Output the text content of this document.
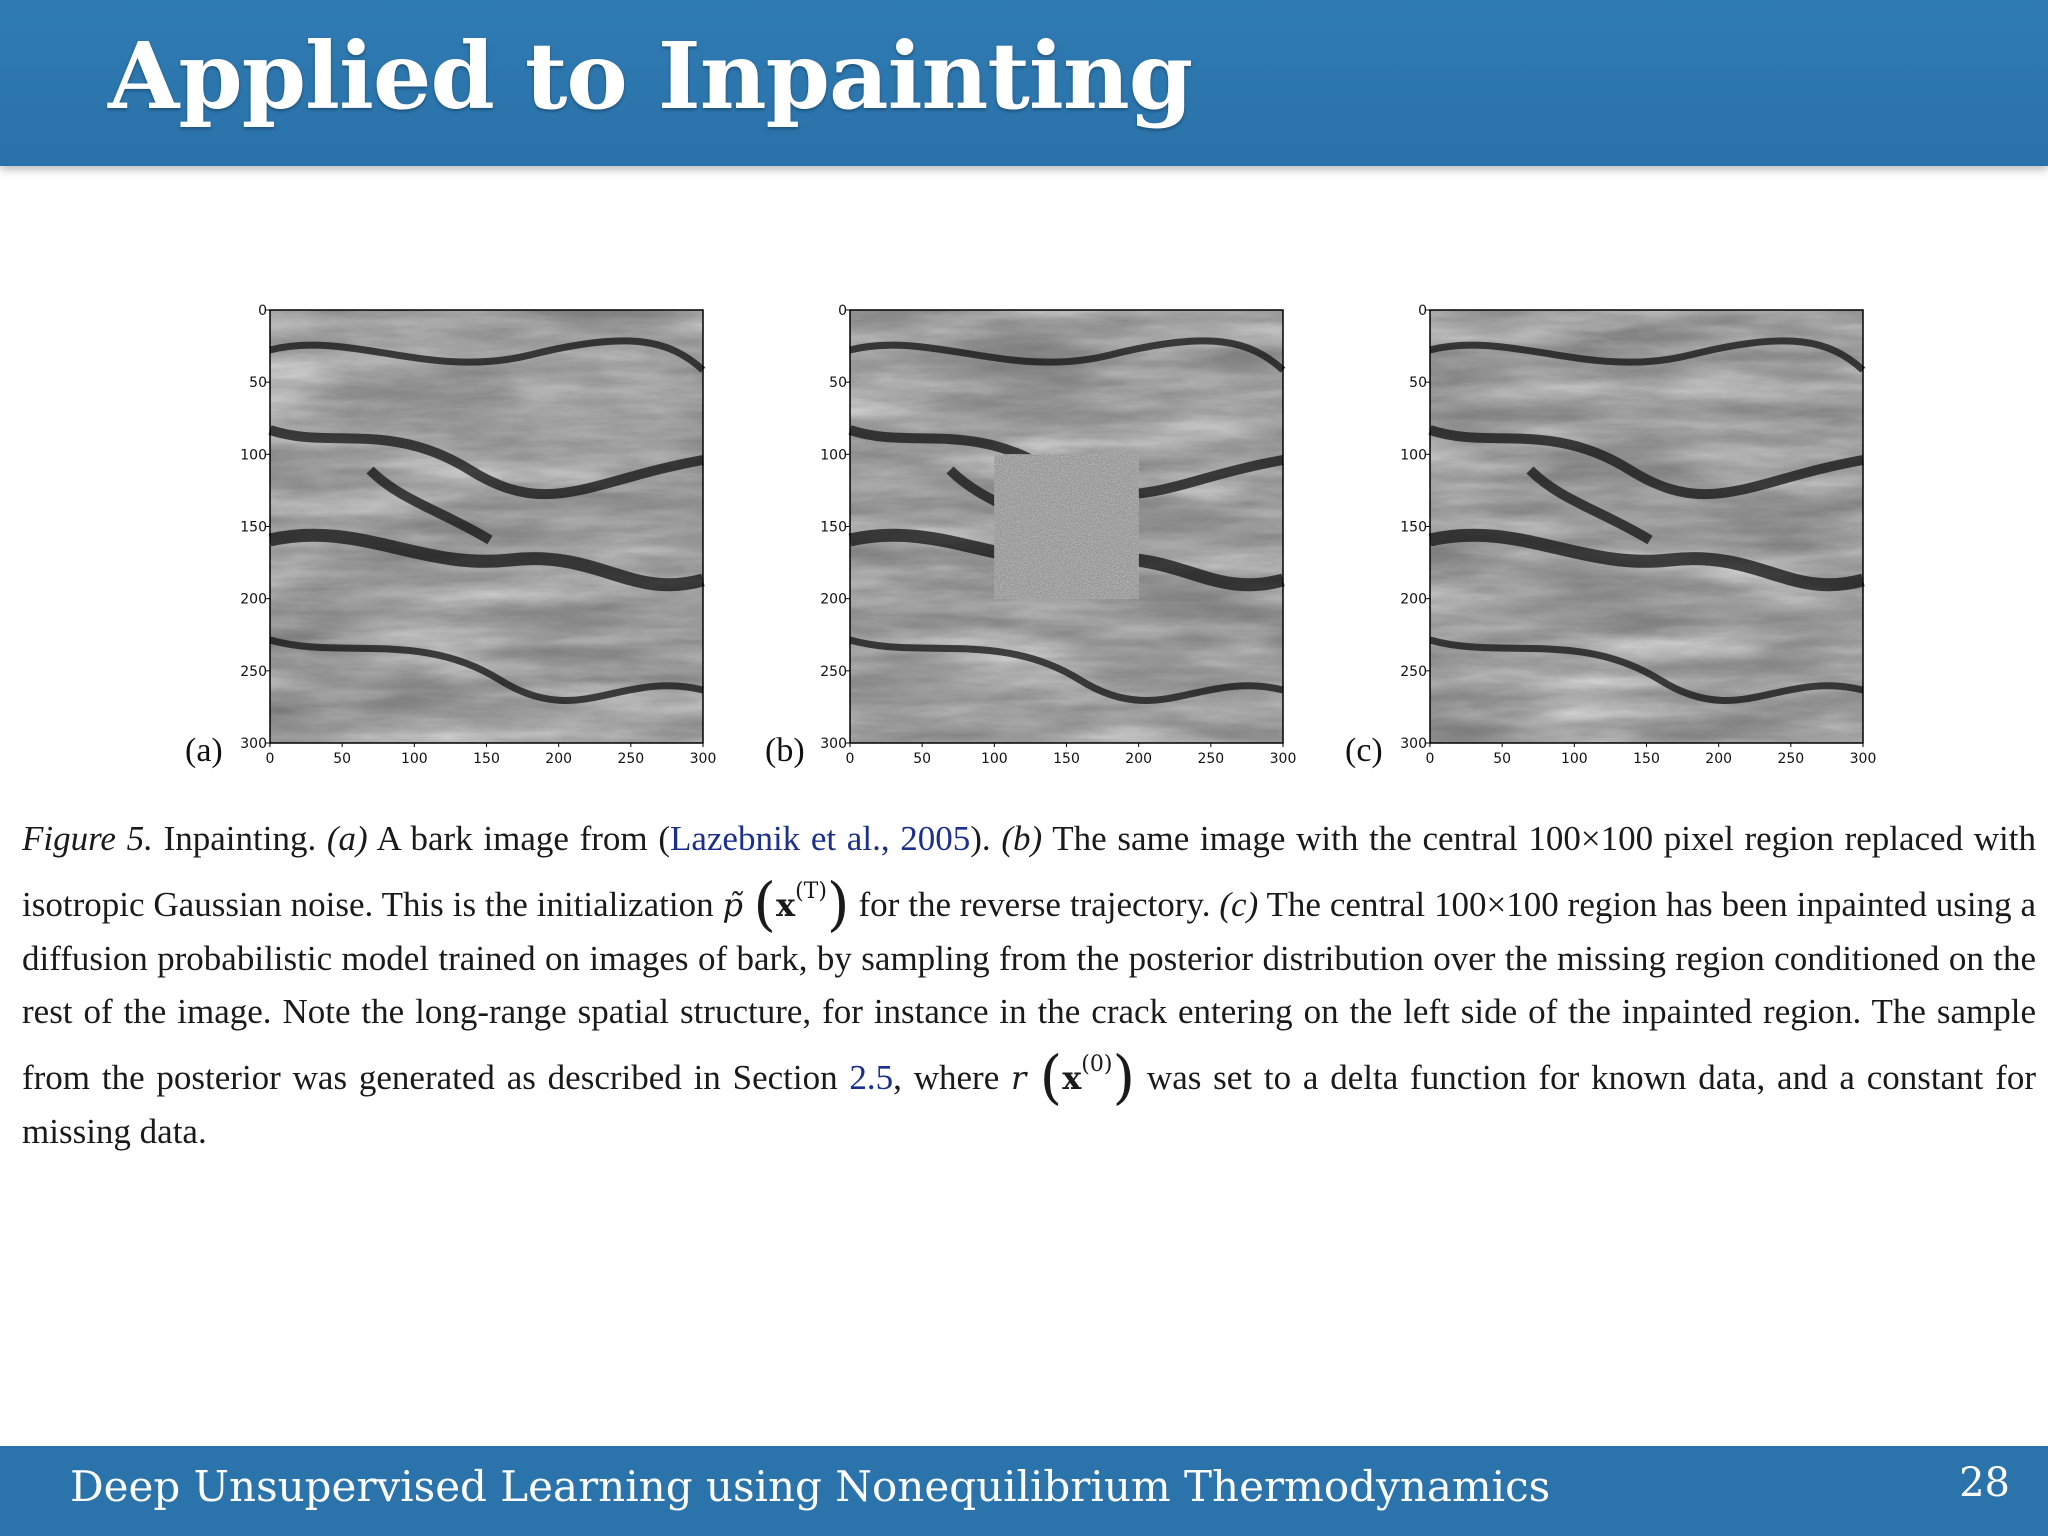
Applied to Inpainting
0
0
50
50
100
100
150
150
200
200
250
250
300
300
(a)
0
0
50
50
100
100
150
150
200
200
250
250
300
300
(b)
0
0
50
50
100
100
150
150
200
200
250
250
300
300
(c)
Figure 5. Inpainting. (a) A bark image from (Lazebnik et al., 2005). (b) The same image with the central 100×100 pixel region replaced with isotropic Gaussian noise. This is the initialization p̃ $(x^{(T)})$ for the reverse trajectory. (c) The central 100×100 region has been inpainted using a diffusion probabilistic model trained on images of bark, by sampling from the posterior distribution over the missing region conditioned on the rest of the image. Note the long-range spatial structure, for instance in the crack entering on the left side of the inpainted region. The sample from the posterior was generated as described in Section 2.5, where r $(x^{(0)})$ was set to a delta function for known data, and a constant for missing data.
Deep Unsupervised Learning using Nonequilibrium Thermodynamics	28
